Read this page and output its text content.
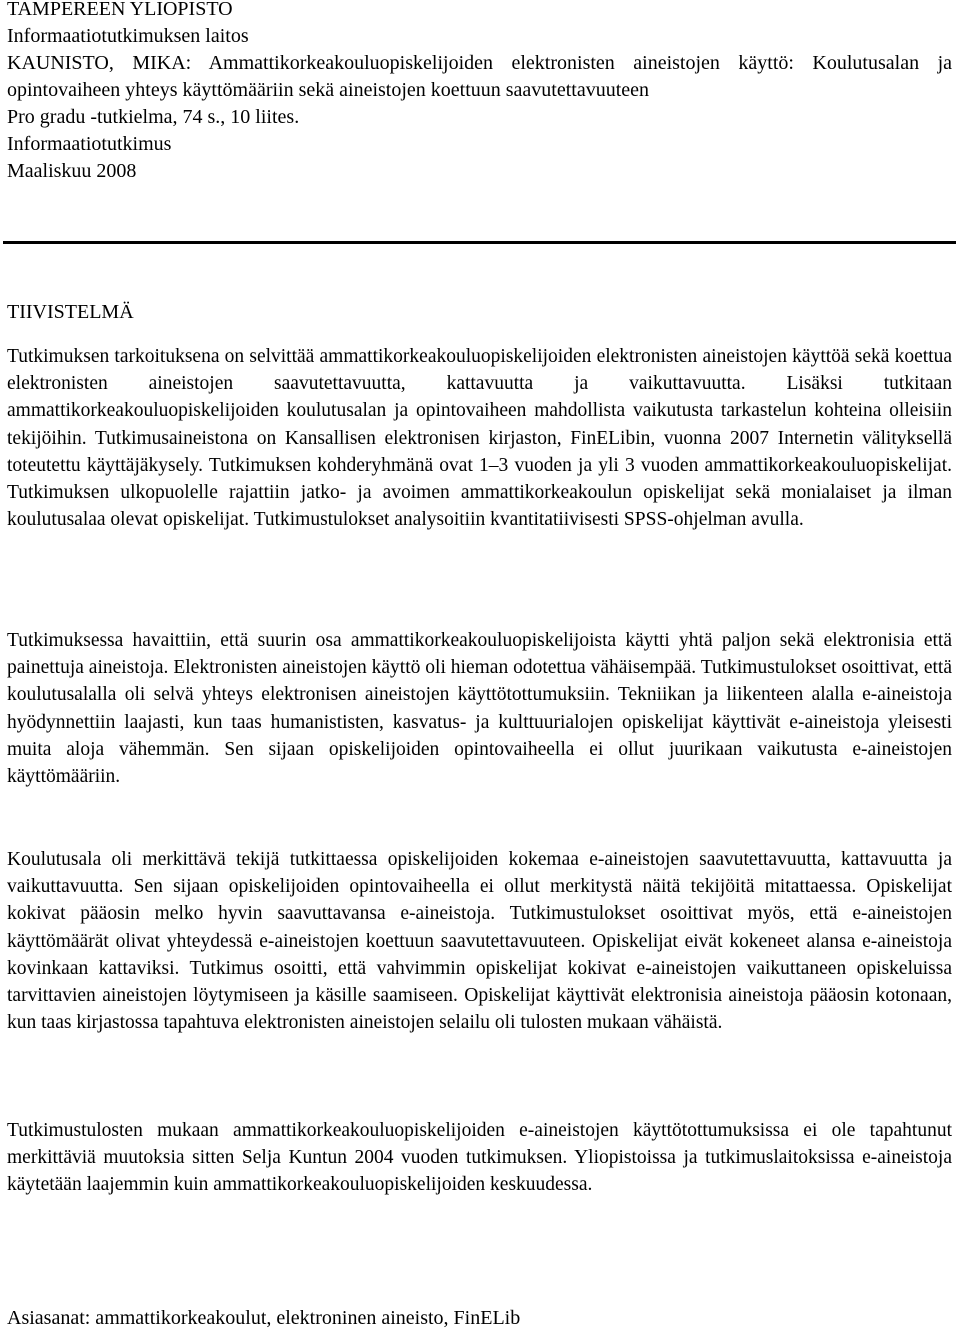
TAMPEREEN YLIOPISTO

Informaatiotutkimuksen laitos

KAUNISTO, MIKA: Ammattikorkeakouluopiskelijoiden elektronisten aineistojen käyttö: Koulutusalan ja opintovaiheen yhteys käyttömääriin sekä aineistojen koettuun saavutettavuuteen

Pro gradu -tutkielma, 74 s., 10 liites.

Informaatiotutkimus

Maaliskuu 2008

TIIVISTELMÄ

Tutkimuksen tarkoituksena on selvittää ammattikorkeakouluopiskelijoiden elektronisten aineistojen käyttöä sekä koettua elektronisten aineistojen saavutettavuutta, kattavuutta ja vaikuttavuutta. Lisäksi tutkitaan ammattikorkeakouluopiskelijoiden koulutusalan ja opintovaiheen mahdollista vaikutusta tarkastelun kohteina olleisiin tekijöihin. Tutkimusaineistona on Kansallisen elektronisen kirjaston, FinELibin, vuonna 2007 Internetin välityksellä toteutettu käyttäjäkysely. Tutkimuksen kohderyhmänä ovat 1–3 vuoden ja yli 3 vuoden ammattikorkeakouluopiskelijat. Tutkimuksen ulkopuolelle rajattiin jatko- ja avoimen ammattikorkeakoulun opiskelijat sekä monialaiset ja ilman koulutusalaa olevat opiskelijat. Tutkimustulokset analysoitiin kvantitatiivisesti SPSS-ohjelman avulla.

Tutkimuksessa havaittiin, että suurin osa ammattikorkeakouluopiskelijoista käytti yhtä paljon sekä elektronisia että painettuja aineistoja. Elektronisten aineistojen käyttö oli hieman odotettua vähäisempää. Tutkimustulokset osoittivat, että koulutusalalla oli selvä yhteys elektronisen aineistojen käyttötottumuksiin. Tekniikan ja liikenteen alalla e-aineistoja hyödynnettiin laajasti, kun taas humanististen, kasvatus- ja kulttuurialojen opiskelijat käyttivät e-aineistoja yleisesti muita aloja vähemmän. Sen sijaan opiskelijoiden opintovaiheella ei ollut juurikaan vaikutusta e-aineistojen käyttömääriin.

Koulutusala oli merkittävä tekijä tutkittaessa opiskelijoiden kokemaa e-aineistojen saavutettavuutta, kattavuutta ja vaikuttavuutta. Sen sijaan opiskelijoiden opintovaiheella ei ollut merkitystä näitä tekijöitä mitattaessa. Opiskelijat kokivat pääosin melko hyvin saavuttavansa e-aineistoja. Tutkimustulokset osoittivat myös, että e-aineistojen käyttömäärät olivat yhteydessä e-aineistojen koettuun saavutettavuuteen. Opiskelijat eivät kokeneet alansa e-aineistoja kovinkaan kattaviksi. Tutkimus osoitti, että vahvimmin opiskelijat kokivat e-aineistojen vaikuttaneen opiskeluissa tarvittavien aineistojen löytymiseen ja käsille saamiseen. Opiskelijat käyttivät elektronisia aineistoja pääosin kotonaan, kun taas kirjastossa tapahtuva elektronisten aineistojen selailu oli tulosten mukaan vähäistä.

Tutkimustulosten mukaan ammattikorkeakouluopiskelijoiden e-aineistojen käyttötottumuksissa ei ole tapahtunut merkittäviä muutoksia sitten Selja Kuntun 2004 vuoden tutkimuksen. Yliopistoissa ja tutkimuslaitoksissa e-aineistoja käytetään laajemmin kuin ammattikorkeakouluopiskelijoiden keskuudessa.

Asiasanat: ammattikorkeakoulut, elektroninen aineisto, FinELib
